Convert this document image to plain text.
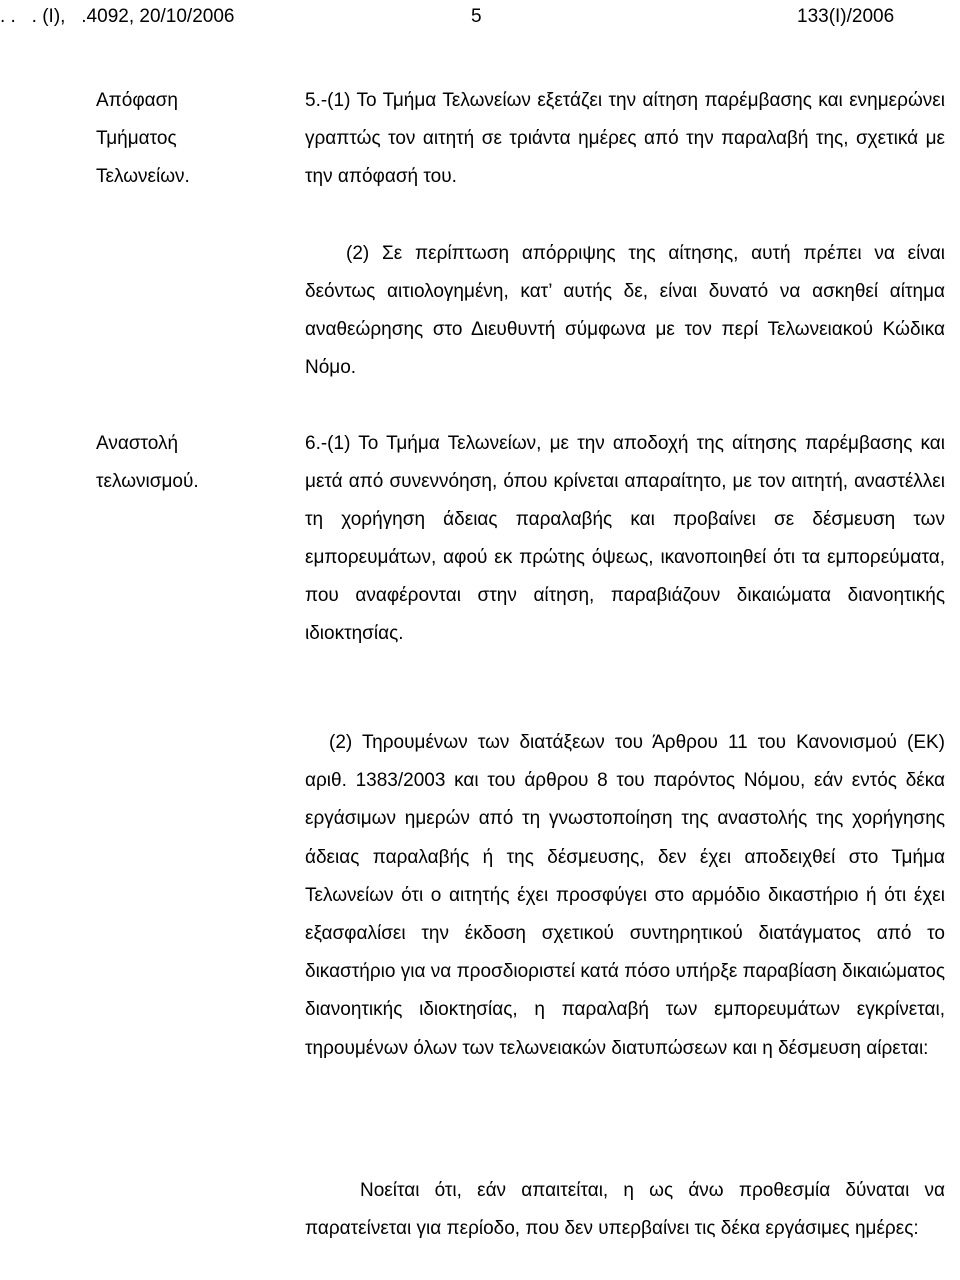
. .   . (Ι),   .4092, 20/10/2006	5	133(Ι)/2006
Απόφαση
Τμήματος
Τελωνείων.

5.-(1) Το Τμήμα Τελωνείων εξετάζει την αίτηση παρέμβασης και ενημερώνει γραπτώς τον αιτητή σε τριάντα ημέρες από την παραλαβή της, σχετικά με την απόφασή του.

(2) Σε περίπτωση απόρριψης της αίτησης, αυτή πρέπει να είναι δεόντως αιτιολογημένη, κατ’ αυτής δε, είναι δυνατό να ασκηθεί αίτημα αναθεώρησης στο Διευθυντή σύμφωνα με τον περί Τελωνειακού Κώδικα Νόμο.

Αναστολή
τελωνισμού.

6.-(1) Το Τμήμα Τελωνείων, με την αποδοχή της αίτησης παρέμβασης και μετά από συνεννόηση, όπου κρίνεται απαραίτητο, με τον αιτητή, αναστέλλει τη χορήγηση άδειας παραλαβής και προβαίνει σε δέσμευση των εμπορευμάτων, αφού εκ πρώτης όψεως, ικανοποιηθεί ότι τα εμπορεύματα, που αναφέρονται στην αίτηση, παραβιάζουν δικαιώματα διανοητικής ιδιοκτησίας.

(2) Τηρουμένων των διατάξεων του Άρθρου 11 του Κανονισμού (ΕΚ) αριθ. 1383/2003 και του άρθρου 8 του παρόντος Νόμου, εάν εντός δέκα εργάσιμων ημερών από τη γνωστοποίηση της αναστολής της χορήγησης άδειας παραλαβής ή της δέσμευσης, δεν έχει αποδειχθεί στο Τμήμα Τελωνείων ότι ο αιτητής έχει προσφύγει στο αρμόδιο δικαστήριο ή ότι έχει εξασφαλίσει την έκδοση σχετικού συντηρητικού διατάγματος από το δικαστήριο για να προσδιοριστεί κατά πόσο υπήρξε παραβίαση δικαιώματος διανοητικής ιδιοκτησίας, η παραλαβή των εμπορευμάτων εγκρίνεται, τηρουμένων όλων των τελωνειακών διατυπώσεων και η δέσμευση αίρεται:

Νοείται ότι, εάν απαιτείται, η ως άνω προθεσμία δύναται να παρατείνεται για περίοδο, που δεν υπερβαίνει τις δέκα εργάσιμες ημέρες:
